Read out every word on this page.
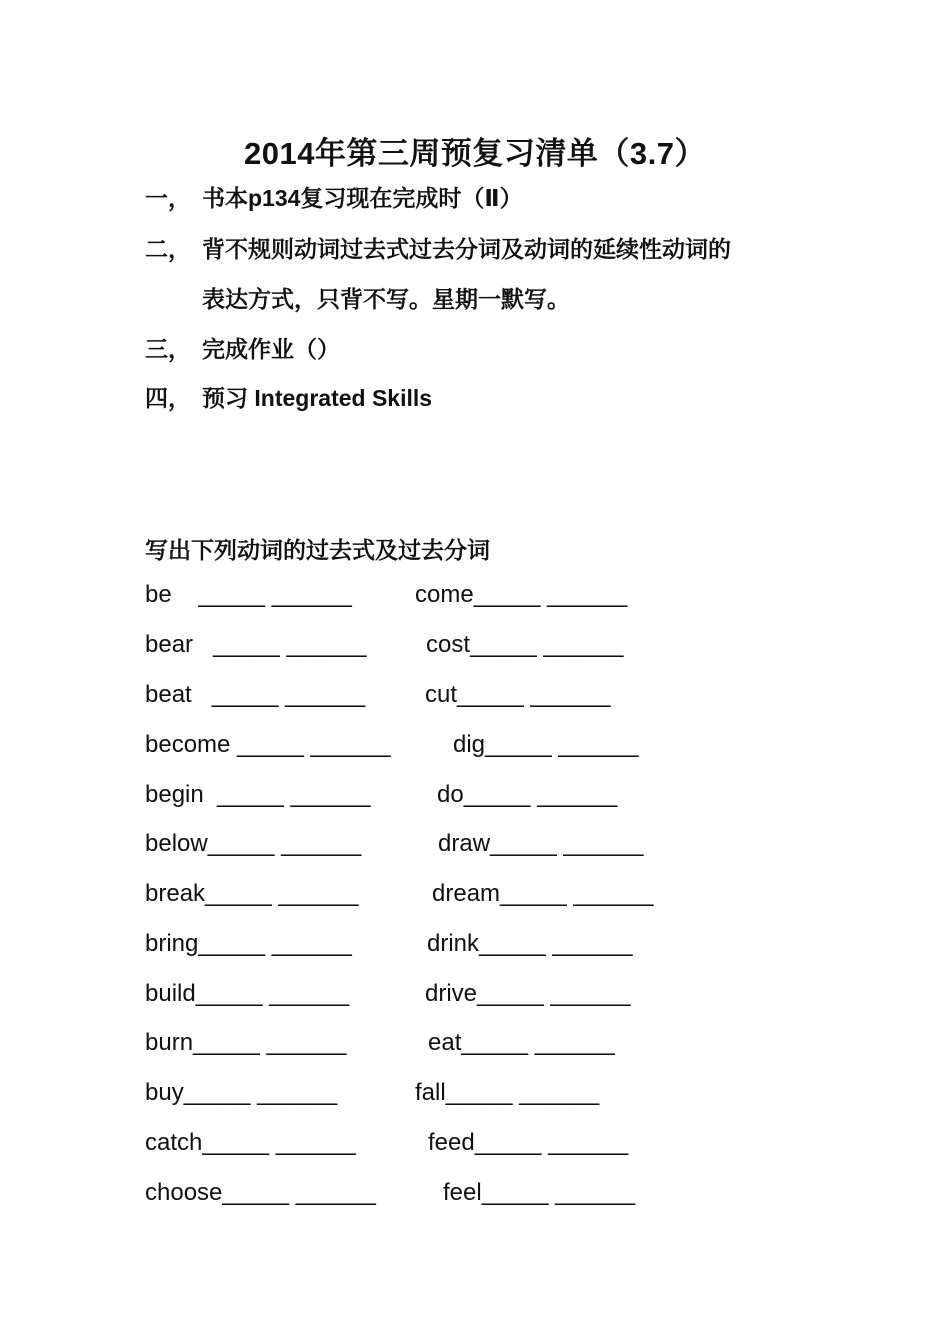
2014年第三周预复习清单（3.7）
一， 书本p134复习现在完成时（Ⅱ）
二， 背不规则动词过去式过去分词及动词的延续性动词的
表达方式，只背不写。星期一默写。
三， 完成作业（）
四， 预习 Integrated Skills
写出下列动词的过去式及过去分词
be    _____ ______
bear   _____ ______
beat   _____ ______
become _____ ______
begin  _____ ______
below_____ ______
break_____ ______
bring_____ ______
build_____ ______
burn_____ ______
buy_____ ______
catch_____ ______
choose_____ ______
come_____ ______
cost_____ ______
cut_____ ______
dig_____ ______
do_____ ______
draw_____ ______
dream_____ ______
drink_____ ______
drive_____ ______
eat_____ ______
fall_____ ______
feed_____ ______
feel_____ ______
